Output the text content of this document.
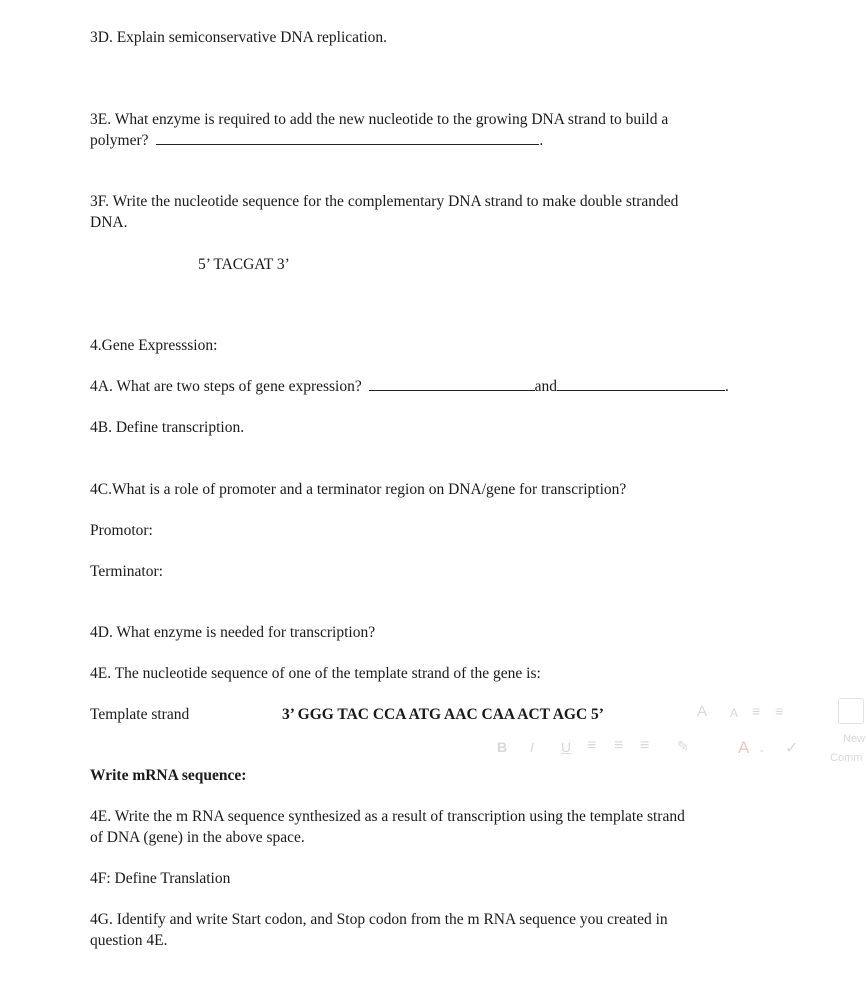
3D. Explain semiconservative DNA replication.
3E. What enzyme is required to add the new nucleotide to the growing DNA strand to build a
polymer?	.
3F. Write the nucleotide sequence for the complementary DNA strand to make double stranded
DNA.
5’ TACGAT 3’
4.Gene Expresssion:
4A. What are two steps of gene expression?	and	.
4B. Define transcription.
4C.What is a role of promoter and a terminator region on DNA/gene for transcription?
Promotor:
Terminator:
4D. What enzyme is needed for transcription?
4E. The nucleotide sequence of one of the template strand of the gene is:
Template strand	3’ GGG TAC CCA ATG AAC CAA ACT AGC 5’
Write mRNA sequence:
4E. Write the m RNA sequence synthesized as a result of transcription using the template strand
of DNA (gene) in the above space.
4F: Define Translation
4G. Identify and write Start codon, and Stop codon from the m RNA sequence you created in
question 4E.
A A ≡ ≡
B I U ≡ ≡ ≡ ✎	A ⌄ ✓
New
Comm
